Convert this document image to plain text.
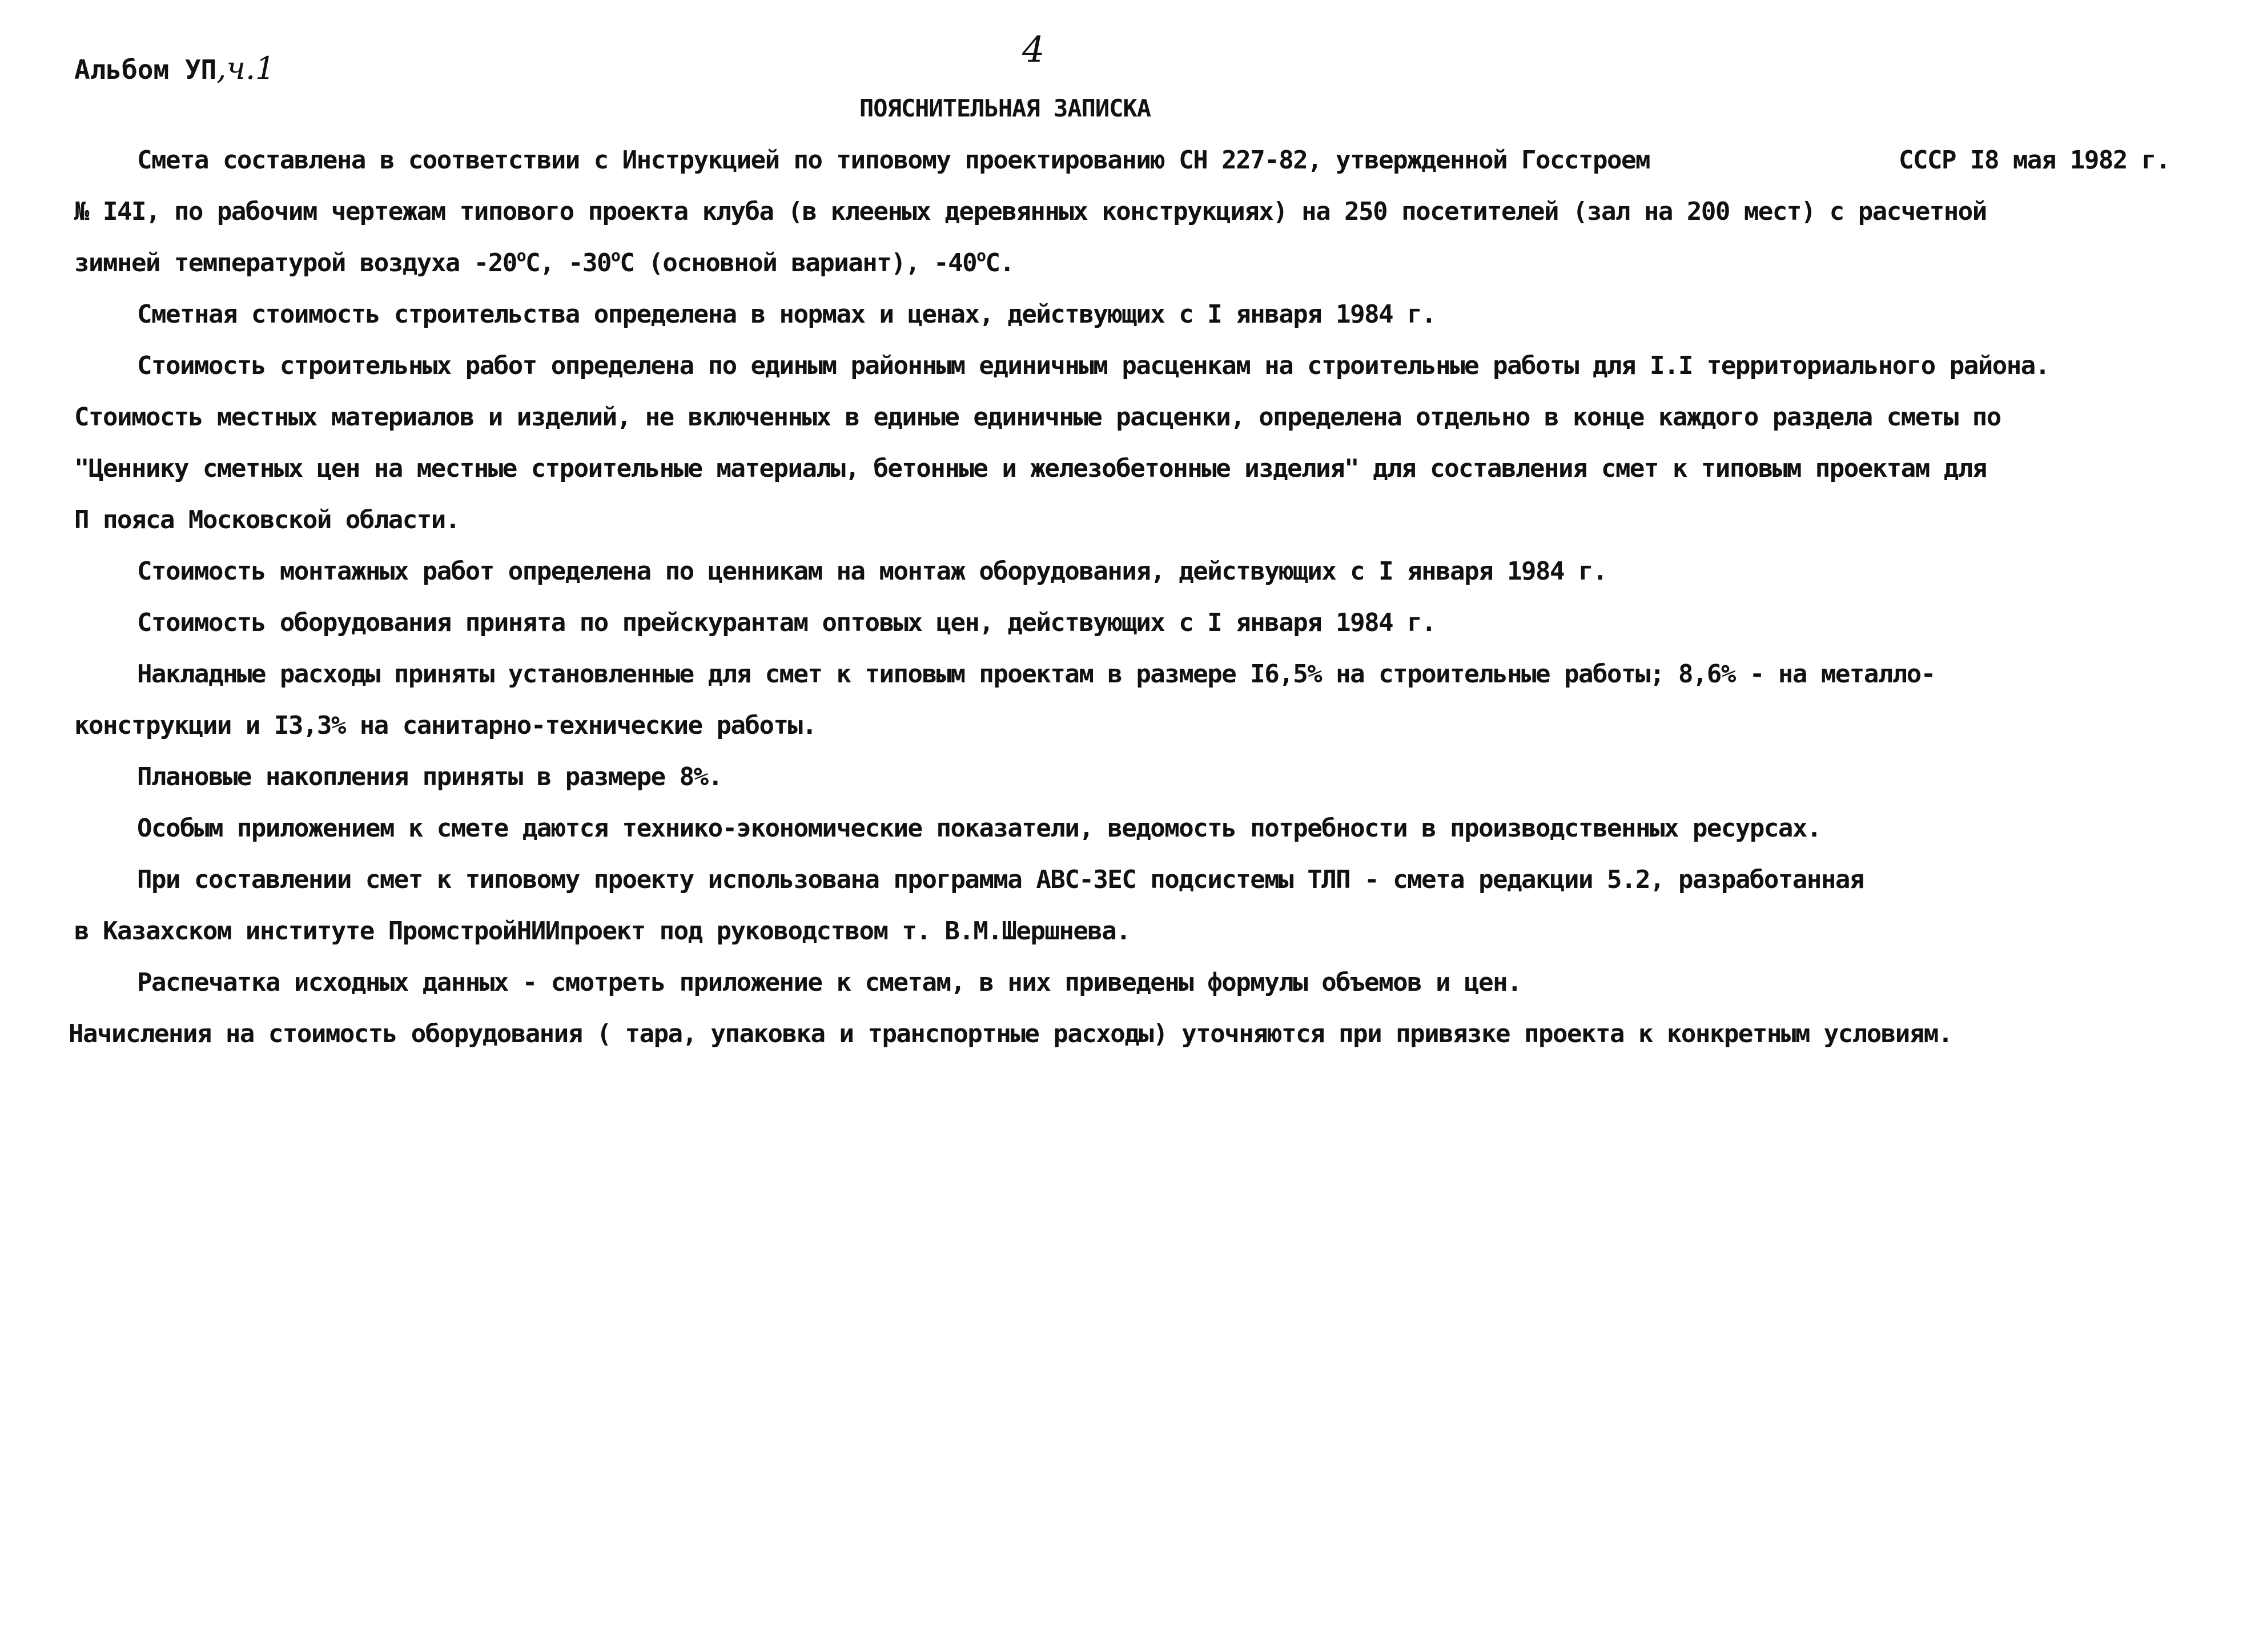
Альбом УП,ч.1	4
ПОЯСНИТЕЛЬНАЯ ЗАПИСКА
Смета составлена в соответствии с Инструкцией по типовому проектированию СН 227-82, утвержденной Госстроем	СССР I8 мая 1982 г.
№ I4I, по рабочим чертежам типового проекта клуба (в клееных деревянных конструкциях) на 250 посетителей (зал на 200 мест) с расчетной
зимней температурой воздуха $-20^оС$, $-30^оС$ (основной вариант), $-40^оС$.
Сметная стоимость строительства определена в нормах и ценах, действующих с I января 1984 г.
Стоимость строительных работ определена по единым районным единичным расценкам на строительные работы для I.I территориального района.
Стоимость местных материалов и изделий, не включенных в единые единичные расценки, определена отдельно в конце каждого раздела сметы по
"Ценнику сметных цен на местные строительные материалы, бетонные и железобетонные изделия" для составления смет к типовым проектам для
П пояса Московской области.
Стоимость монтажных работ определена по ценникам на монтаж оборудования, действующих с I января 1984 г.
Стоимость оборудования принята по прейскурантам оптовых цен, действующих с I января 1984 г.
Накладные расходы приняты установленные для смет к типовым проектам в размере I6,5% на строительные работы; 8,6% - на металло-
конструкции и I3,3% на санитарно-технические работы.
Плановые накопления приняты в размере 8%.
Особым приложением к смете даются технико-экономические показатели, ведомость потребности в производственных ресурсах.
При составлении смет к типовому проекту использована программа АВС-ЗЕС подсистемы ТЛП - смета редакции 5.2, разработанная
в Казахском институте ПромстройНИИпроект под руководством т. В.М.Шершнева.
Распечатка исходных данных - смотреть приложение к сметам, в них приведены формулы объемов и цен.
Начисления на стоимость оборудования ( тара, упаковка и транспортные расходы) уточняются при привязке проекта к конкретным условиям.
